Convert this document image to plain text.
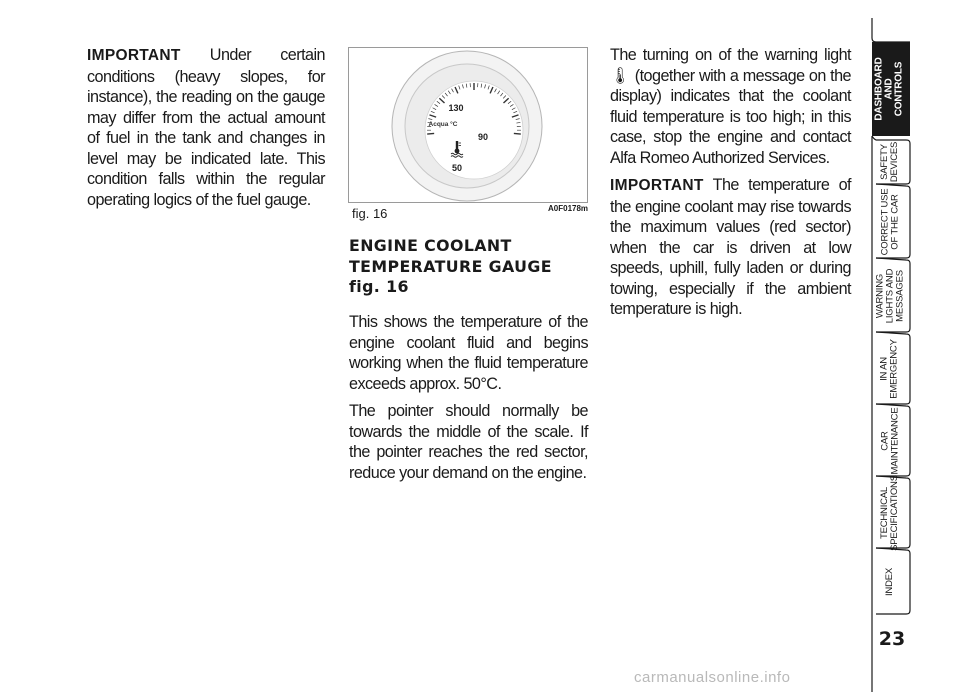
IMPORTANT Under certain conditions (heavy slopes, for instance), the reading on the gauge may differ from the actual amount of fuel in the tank and changes in level may be indicated late. This condition falls within the regular operating logics of the fuel gauge.

130
Acqua °C
90
50
fig. 16	A0F0178m
ENGINE COOLANT
TEMPERATURE GAUGE
fig. 16

This shows the temperature of the engine coolant fluid and begins working when the fluid temperature exceeds approx. 50°C.

The pointer should normally be towards the middle of the scale. If the pointer reaches the red sector, reduce your demand on the engine.

The turning on of the warning light 🌡 (together with a message on the display) indicates that the coolant fluid temperature is too high; in this case, stop the engine and contact Alfa Romeo Authorized Services.

IMPORTANT The temperature of the engine coolant may rise towards the maximum values (red sector) when the car is driven at low speeds, uphill, fully laden or during towing, especially if the ambient temperature is high.

DASHBOARD
AND
CONTROLS
SAFETY
DEVICES
CORRECT USE
OF THE CAR
WARNING
LIGHTS AND
MESSAGES
IN AN
EMERGENCY
CAR
MAINTENANCE
TECHNICAL
SPECIFICATIONS
INDEX
23
carmanualsonline.info
